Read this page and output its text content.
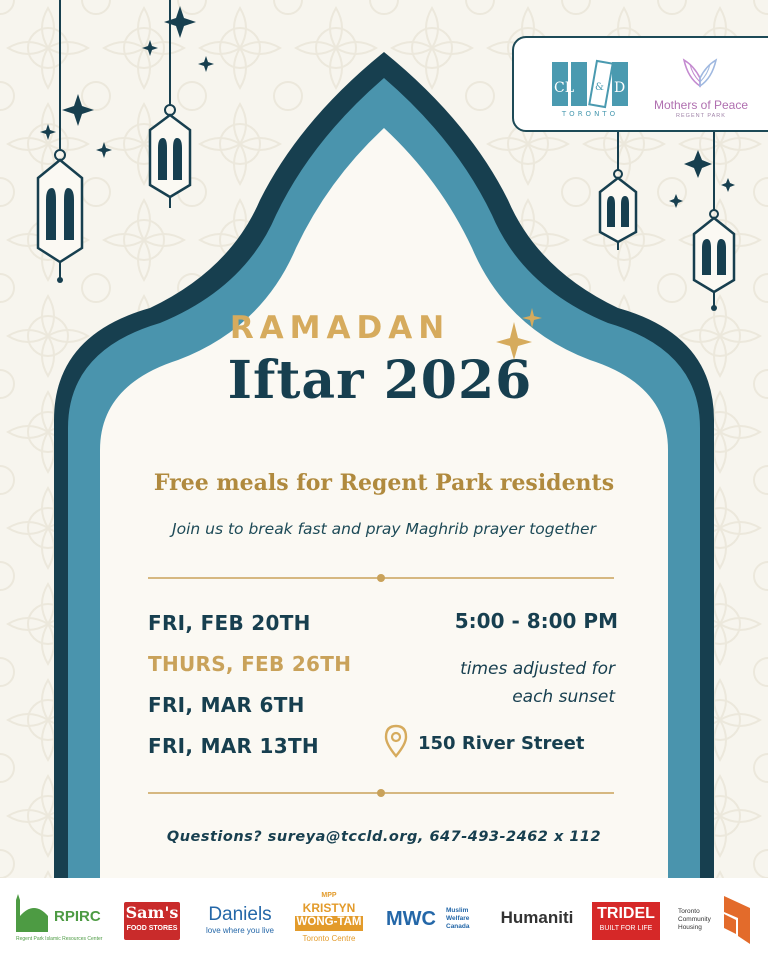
CL & D
TORONTO
Mothers of Peace
REGENT PARK
RAMADAN
Iftar 2026
Free meals for Regent Park residents
Join us to break fast and pray Maghrib prayer together
FRI, FEB 20TH
THURS, FEB 26TH
FRI, MAR 6TH
FRI, MAR 13TH
5:00 - 8:00 PM
times adjusted for
each sunset
150 River Street
Questions? sureya@tccld.org, 647-493-2462 x 112
RPIRC
Regent Park Islamic Resources Center
Sam's
FOOD STORES
Daniels
love where you live
MPP
KRISTYN
WONG-TAM
Toronto Centre
MWC Muslim
Welfare
Canada	Humaniti	TRIDEL
BUILT FOR LIFE
Toronto
Community
Housing
